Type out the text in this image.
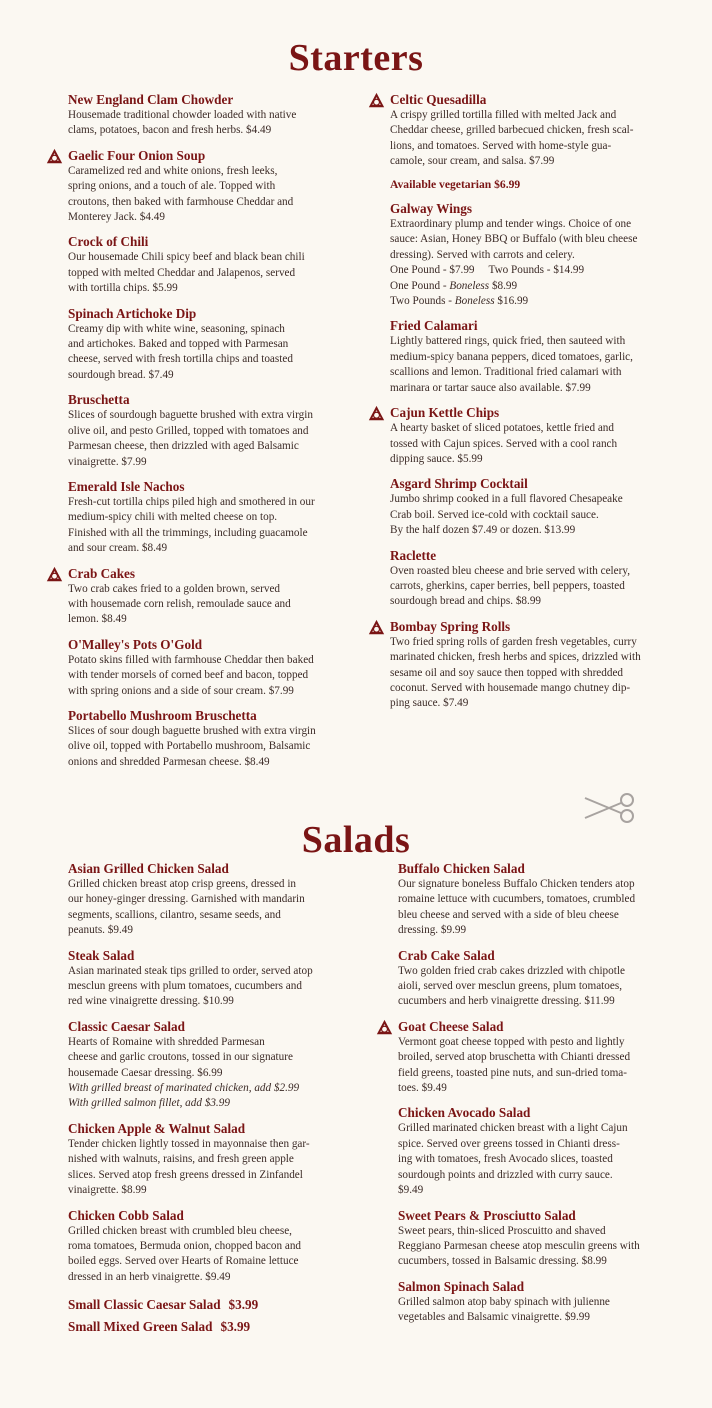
Starters
New England Clam Chowder
Housemade traditional chowder loaded with native
clams, potatoes, bacon and fresh herbs. $4.49
Gaelic Four Onion Soup
Caramelized red and white onions, fresh leeks,
spring onions, and a touch of ale. Topped with
croutons, then baked with farmhouse Cheddar and
Monterey Jack. $4.49
Crock of Chili
Our housemade Chili spicy beef and black bean chili
topped with melted Cheddar and Jalapenos, served
with tortilla chips. $5.99
Spinach Artichoke Dip
Creamy dip with white wine, seasoning, spinach
and artichokes. Baked and topped with Parmesan
cheese, served with fresh tortilla chips and toasted
sourdough bread. $7.49
Bruschetta
Slices of sourdough baguette brushed with extra virgin
olive oil, and pesto Grilled, topped with tomatoes and
Parmesan cheese, then drizzled with aged Balsamic
vinaigrette. $7.99
Emerald Isle Nachos
Fresh-cut tortilla chips piled high and smothered in our
medium-spicy chili with melted cheese on top.
Finished with all the trimmings, including guacamole
and sour cream. $8.49
Crab Cakes
Two crab cakes fried to a golden brown, served
with housemade corn relish, remoulade sauce and
lemon. $8.49
O'Malley's Pots O'Gold
Potato skins filled with farmhouse Cheddar then baked
with tender morsels of corned beef and bacon, topped
with spring onions and a side of sour cream. $7.99
Portabello Mushroom Bruschetta
Slices of sour dough baguette brushed with extra virgin
olive oil, topped with Portabello mushroom, Balsamic
onions and shredded Parmesan cheese. $8.49
Celtic Quesadilla
A crispy grilled tortilla filled with melted Jack and
Cheddar cheese, grilled barbecued chicken, fresh scal-
lions, and tomatoes. Served with home-style gua-
camole, sour cream, and salsa. $7.99
Available vegetarian $6.99
Galway Wings
Extraordinary plump and tender wings. Choice of one
sauce: Asian, Honey BBQ or Buffalo (with bleu cheese
dressing). Served with carrots and celery.
One Pound - $7.99 Two Pounds - $14.99
One Pound - Boneless $8.99
Two Pounds - Boneless $16.99
Fried Calamari
Lightly battered rings, quick fried, then sauteed with
medium-spicy banana peppers, diced tomatoes, garlic,
scallions and lemon. Traditional fried calamari with
marinara or tartar sauce also available. $7.99
Cajun Kettle Chips
A hearty basket of sliced potatoes, kettle fried and
tossed with Cajun spices. Served with a cool ranch
dipping sauce. $5.99
Asgard Shrimp Cocktail
Jumbo shrimp cooked in a full flavored Chesapeake
Crab boil. Served ice-cold with cocktail sauce.
By the half dozen $7.49 or dozen. $13.99
Raclette
Oven roasted bleu cheese and brie served with celery,
carrots, gherkins, caper berries, bell peppers, toasted
sourdough bread and chips. $8.99
Bombay Spring Rolls
Two fried spring rolls of garden fresh vegetables, curry
marinated chicken, fresh herbs and spices, drizzled with
sesame oil and soy sauce then topped with shredded
coconut. Served with housemade mango chutney dip-
ping sauce. $7.49
Salads
Asian Grilled Chicken Salad
Grilled chicken breast atop crisp greens, dressed in
our honey-ginger dressing. Garnished with mandarin
segments, scallions, cilantro, sesame seeds, and
peanuts. $9.49
Steak Salad
Asian marinated steak tips grilled to order, served atop
mesclun greens with plum tomatoes, cucumbers and
red wine vinaigrette dressing. $10.99
Classic Caesar Salad
Hearts of Romaine with shredded Parmesan
cheese and garlic croutons, tossed in our signature
housemade Caesar dressing. $6.99
With grilled breast of marinated chicken, add $2.99
With grilled salmon fillet, add $3.99
Chicken Apple & Walnut Salad
Tender chicken lightly tossed in mayonnaise then gar-
nished with walnuts, raisins, and fresh green apple
slices. Served atop fresh greens dressed in Zinfandel
vinaigrette. $8.99
Chicken Cobb Salad
Grilled chicken breast with crumbled bleu cheese,
roma tomatoes, Bermuda onion, chopped bacon and
boiled eggs. Served over Hearts of Romaine lettuce
dressed in an herb vinaigrette. $9.49
Small Classic Caesar Salad $3.99
Small Mixed Green Salad $3.99
Buffalo Chicken Salad
Our signature boneless Buffalo Chicken tenders atop
romaine lettuce with cucumbers, tomatoes, crumbled
bleu cheese and served with a side of bleu cheese
dressing. $9.99
Crab Cake Salad
Two golden fried crab cakes drizzled with chipotle
aioli, served over mesclun greens, plum tomatoes,
cucumbers and herb vinaigrette dressing. $11.99
Goat Cheese Salad
Vermont goat cheese topped with pesto and lightly
broiled, served atop bruschetta with Chianti dressed
field greens, toasted pine nuts, and sun-dried toma-
toes. $9.49
Chicken Avocado Salad
Grilled marinated chicken breast with a light Cajun
spice. Served over greens tossed in Chianti dress-
ing with tomatoes, fresh Avocado slices, toasted
sourdough points and drizzled with curry sauce.
$9.49
Sweet Pears & Prosciutto Salad
Sweet pears, thin-sliced Proscuitto and shaved
Reggiano Parmesan cheese atop mesculin greens with
cucumbers, tossed in Balsamic dressing. $8.99
Salmon Spinach Salad
Grilled salmon atop baby spinach with julienne
vegetables and Balsamic vinaigrette. $9.99
